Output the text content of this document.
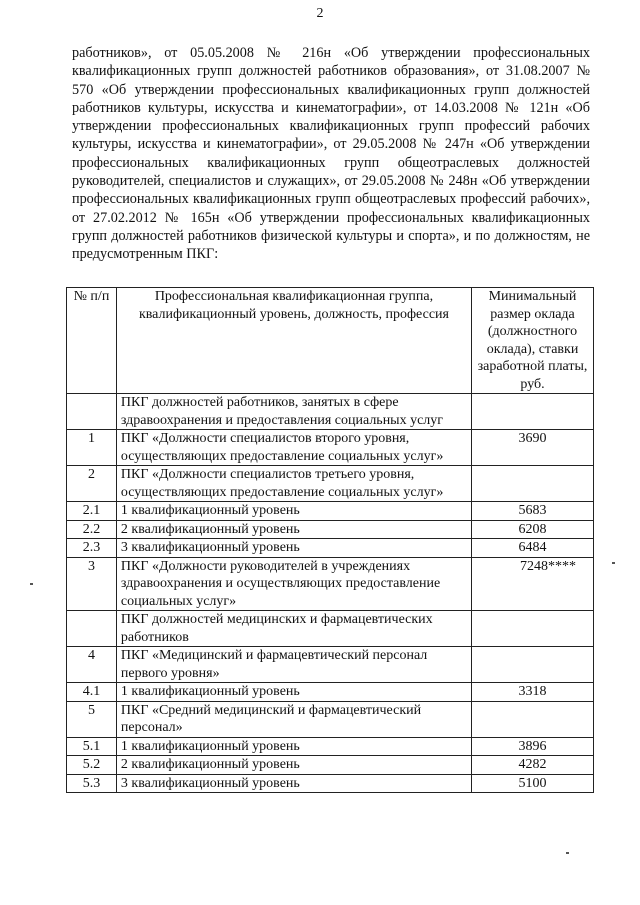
2

работников», от 05.05.2008 № 216н «Об утверждении профессиональных квалификационных групп должностей работников образования», от 31.08.2007 № 570 «Об утверждении профессиональных квалификационных групп должностей работников культуры, искусства и кинематографии», от 14.03.2008 № 121н «Об утверждении профессиональных квалификационных групп профессий рабочих культуры, искусства и кинематографии», от 29.05.2008 № 247н «Об утверждении профессиональных квалификационных групп общеотраслевых должностей руководителей, специалистов и служащих», от 29.05.2008 № 248н «Об утверждении профессиональных квалификационных групп общеотраслевых профессий рабочих», от 27.02.2012 № 165н «Об утверждении профессиональных квалификационных групп должностей работников физической культуры и спорта», и по должностям, не предусмотренным ПКГ:

№ п/п	Профессиональная квалификационная группа, квалификационный уровень, должность, профессия	Минимальный размер оклада (должностного оклада), ставки заработной платы, руб.
	ПКГ должностей работников, занятых в сфере здравоохранения и предоставления социальных услуг	
1	ПКГ «Должности специалистов второго уровня, осуществляющих предоставление социальных услуг»	3690
2	ПКГ «Должности специалистов третьего уровня, осуществляющих предоставление социальных услуг»	
2.1	1 квалификационный уровень	5683
2.2	2 квалификационный уровень	6208
2.3	3 квалификационный уровень	6484
3	ПКГ «Должности руководителей в учреждениях здравоохранения и осуществляющих предоставление социальных услуг»	7248****
	ПКГ должностей медицинских и фармацевтических работников	
4	ПКГ «Медицинский и фармацевтический персонал первого уровня»	
4.1	1 квалификационный уровень	3318
5	ПКГ «Средний медицинский и фармацевтический персонал»	
5.1	1 квалификационный уровень	3896
5.2	2 квалификационный уровень	4282
5.3	3 квалификационный уровень	5100
